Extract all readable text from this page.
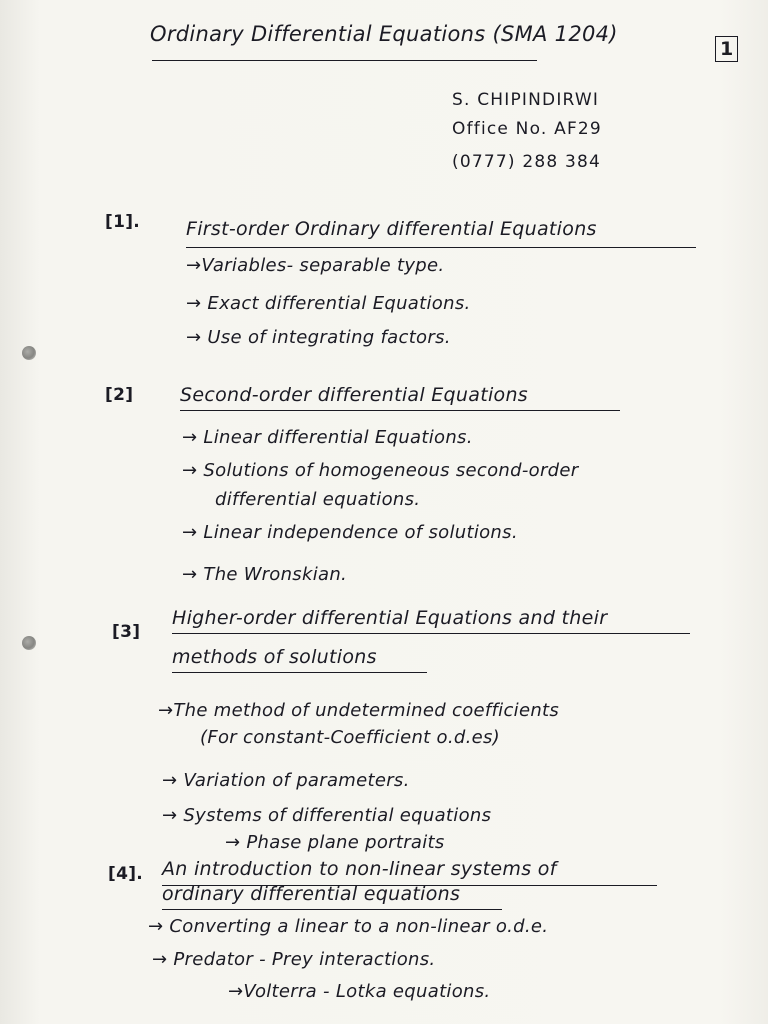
Ordinary Differential Equations (SMA 1204)
1
S. CHIPINDIRWI
Office No. AF29
(0777) 288 384
[1]. First-order Ordinary differential Equations
→Variables- separable type.
→ Exact differential Equations.
→ Use of integrating factors.
[2] Second-order differential Equations
→ Linear differential Equations.
→ Solutions of homogeneous second-order
differential equations.
→ Linear independence of solutions.
→ The Wronskian.
[3]
Higher-order differential Equations and their
methods of solutions
→The method of undetermined coefficients
(For constant-Coefficient o.d.es)
→ Variation of parameters.
→ Systems of differential equations
→ Phase plane portraits
[4]. An introduction to non-linear systems of
ordinary differential equations
→ Converting a linear to a non-linear o.d.e.
→ Predator - Prey interactions.
→Volterra - Lotka equations.
